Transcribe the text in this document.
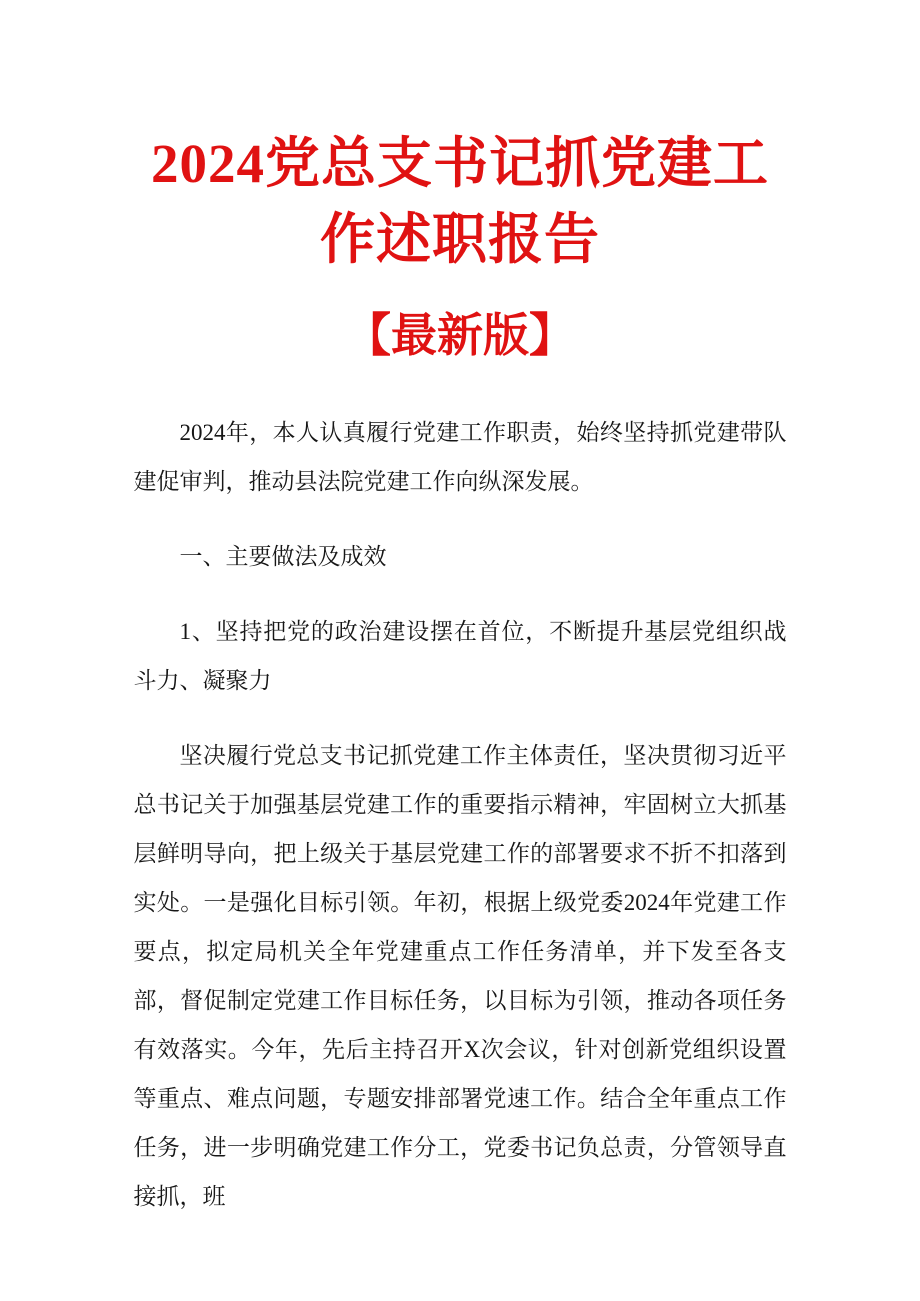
2024党总支书记抓党建工作述职报告
【最新版】

2024年，本人认真履行党建工作职责，始终坚持抓党建带队建促审判，推动县法院党建工作向纵深发展。

一、主要做法及成效

1、坚持把党的政治建设摆在首位，不断提升基层党组织战斗力、凝聚力

坚决履行党总支书记抓党建工作主体责任，坚决贯彻习近平总书记关于加强基层党建工作的重要指示精神，牢固树立大抓基层鲜明导向，把上级关于基层党建工作的部署要求不折不扣落到实处。一是强化目标引领。年初，根据上级党委2024年党建工作要点，拟定局机关全年党建重点工作任务清单，并下发至各支部，督促制定党建工作目标任务，以目标为引领，推动各项任务有效落实。今年，先后主持召开X次会议，针对创新党组织设置等重点、难点问题，专题安排部署党速工作。结合全年重点工作任务，进一步明确党建工作分工，党委书记负总责，分管领导直接抓，班
